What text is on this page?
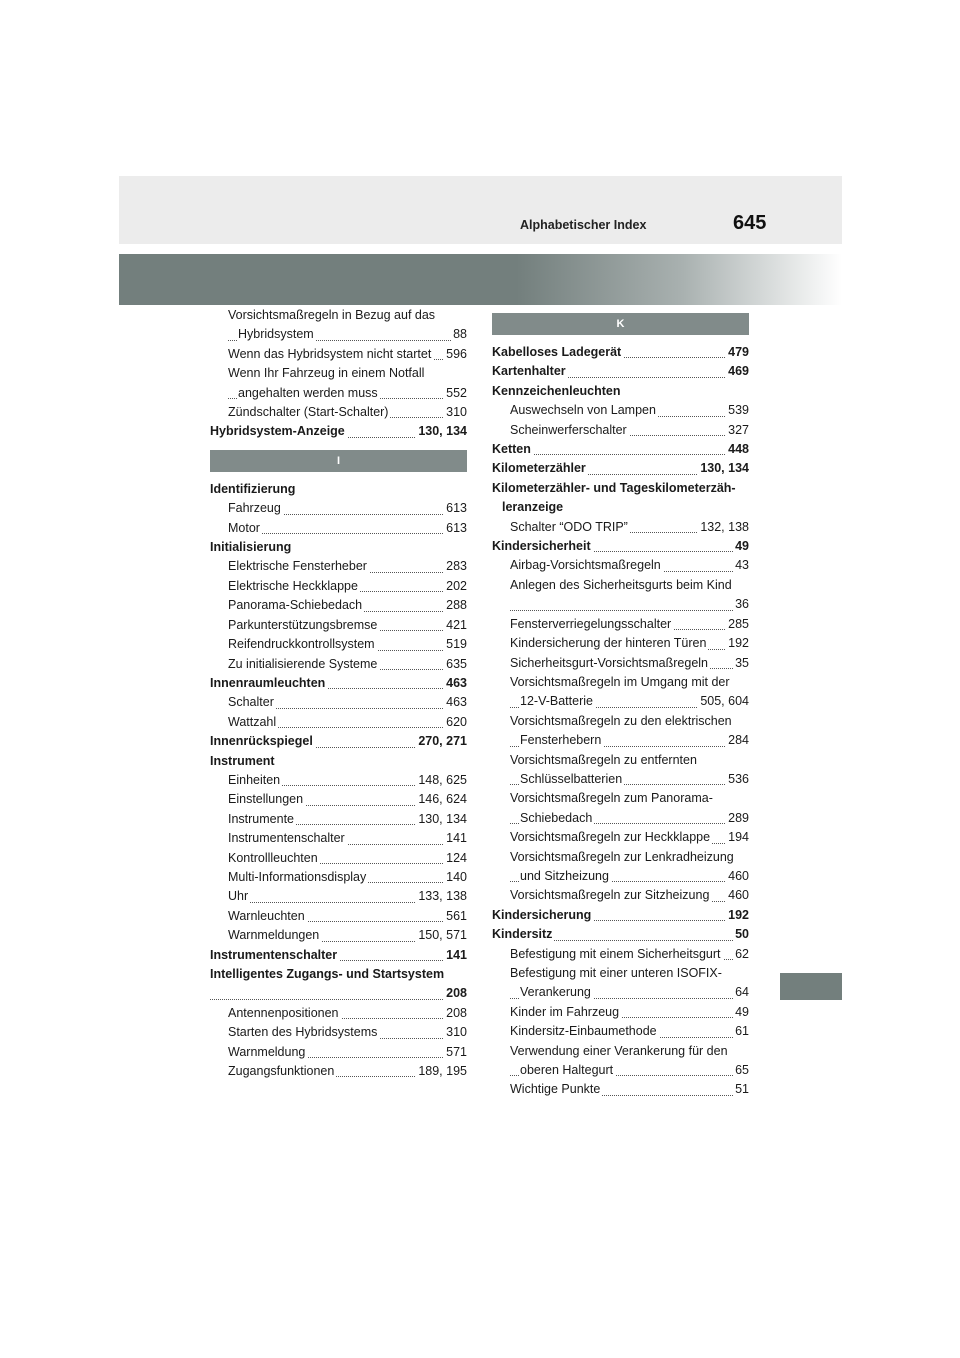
Alphabetischer Index	645
Vorsichtsmaßregeln in Bezug auf das
Hybridsystem	88
Wenn das Hybridsystem nicht startet 596
Wenn Ihr Fahrzeug in einem Notfall
angehalten werden muss	552
Zündschalter (Start-Schalter)	310
Hybridsystem-Anzeige	130, 134
I
Identifizierung
Fahrzeug	613
Motor	613
Initialisierung
Elektrische Fensterheber	283
Elektrische Heckklappe	202
Panorama-Schiebedach	288
Parkunterstützungsbremse	421
Reifendruckkontrollsystem	519
Zu initialisierende Systeme	635
Innenraumleuchten	463
Schalter	463
Wattzahl	620
Innenrückspiegel	270, 271
Instrument
Einheiten	148, 625
Einstellungen	146, 624
Instrumente	130, 134
Instrumentenschalter	141
Kontrollleuchten	124
Multi-Informationsdisplay	140
Uhr	133, 138
Warnleuchten	561
Warnmeldungen	150, 571
Instrumentenschalter	141
Intelligentes Zugangs- und Startsystem
208
Antennenpositionen	208
Starten des Hybridsystems	310
Warnmeldung	571
Zugangsfunktionen	189, 195
K
Kabelloses Ladegerät	479
Kartenhalter	469
Kennzeichenleuchten
Auswechseln von Lampen	539
Scheinwerferschalter	327
Ketten	448
Kilometerzähler	130, 134
Kilometerzähler- und Tageskilometerzäh-
leranzeige
Schalter “ODO TRIP”	132, 138
Kindersicherheit	49
Airbag-Vorsichtsmaßregeln	43
Anlegen des Sicherheitsgurts beim Kind
36
Fensterverriegelungsschalter	285
Kindersicherung der hinteren Türen 192
Sicherheitsgurt-Vorsichtsmaßregeln 35
Vorsichtsmaßregeln im Umgang mit der
12-V-Batterie	505, 604
Vorsichtsmaßregeln zu den elektrischen
Fensterhebern	284
Vorsichtsmaßregeln zu entfernten
Schlüsselbatterien	536
Vorsichtsmaßregeln zum Panorama-
Schiebedach	289
Vorsichtsmaßregeln zur Heckklappe 194
Vorsichtsmaßregeln zur Lenkradheizung
und Sitzheizung	460
Vorsichtsmaßregeln zur Sitzheizung 460
Kindersicherung	192
Kindersitz	50
Befestigung mit einem Sicherheitsgurt 62
Befestigung mit einer unteren ISOFIX-
Verankerung	64
Kinder im Fahrzeug	49
Kindersitz-Einbaumethode	61
Verwendung einer Verankerung für den
oberen Haltegurt	65
Wichtige Punkte	51
